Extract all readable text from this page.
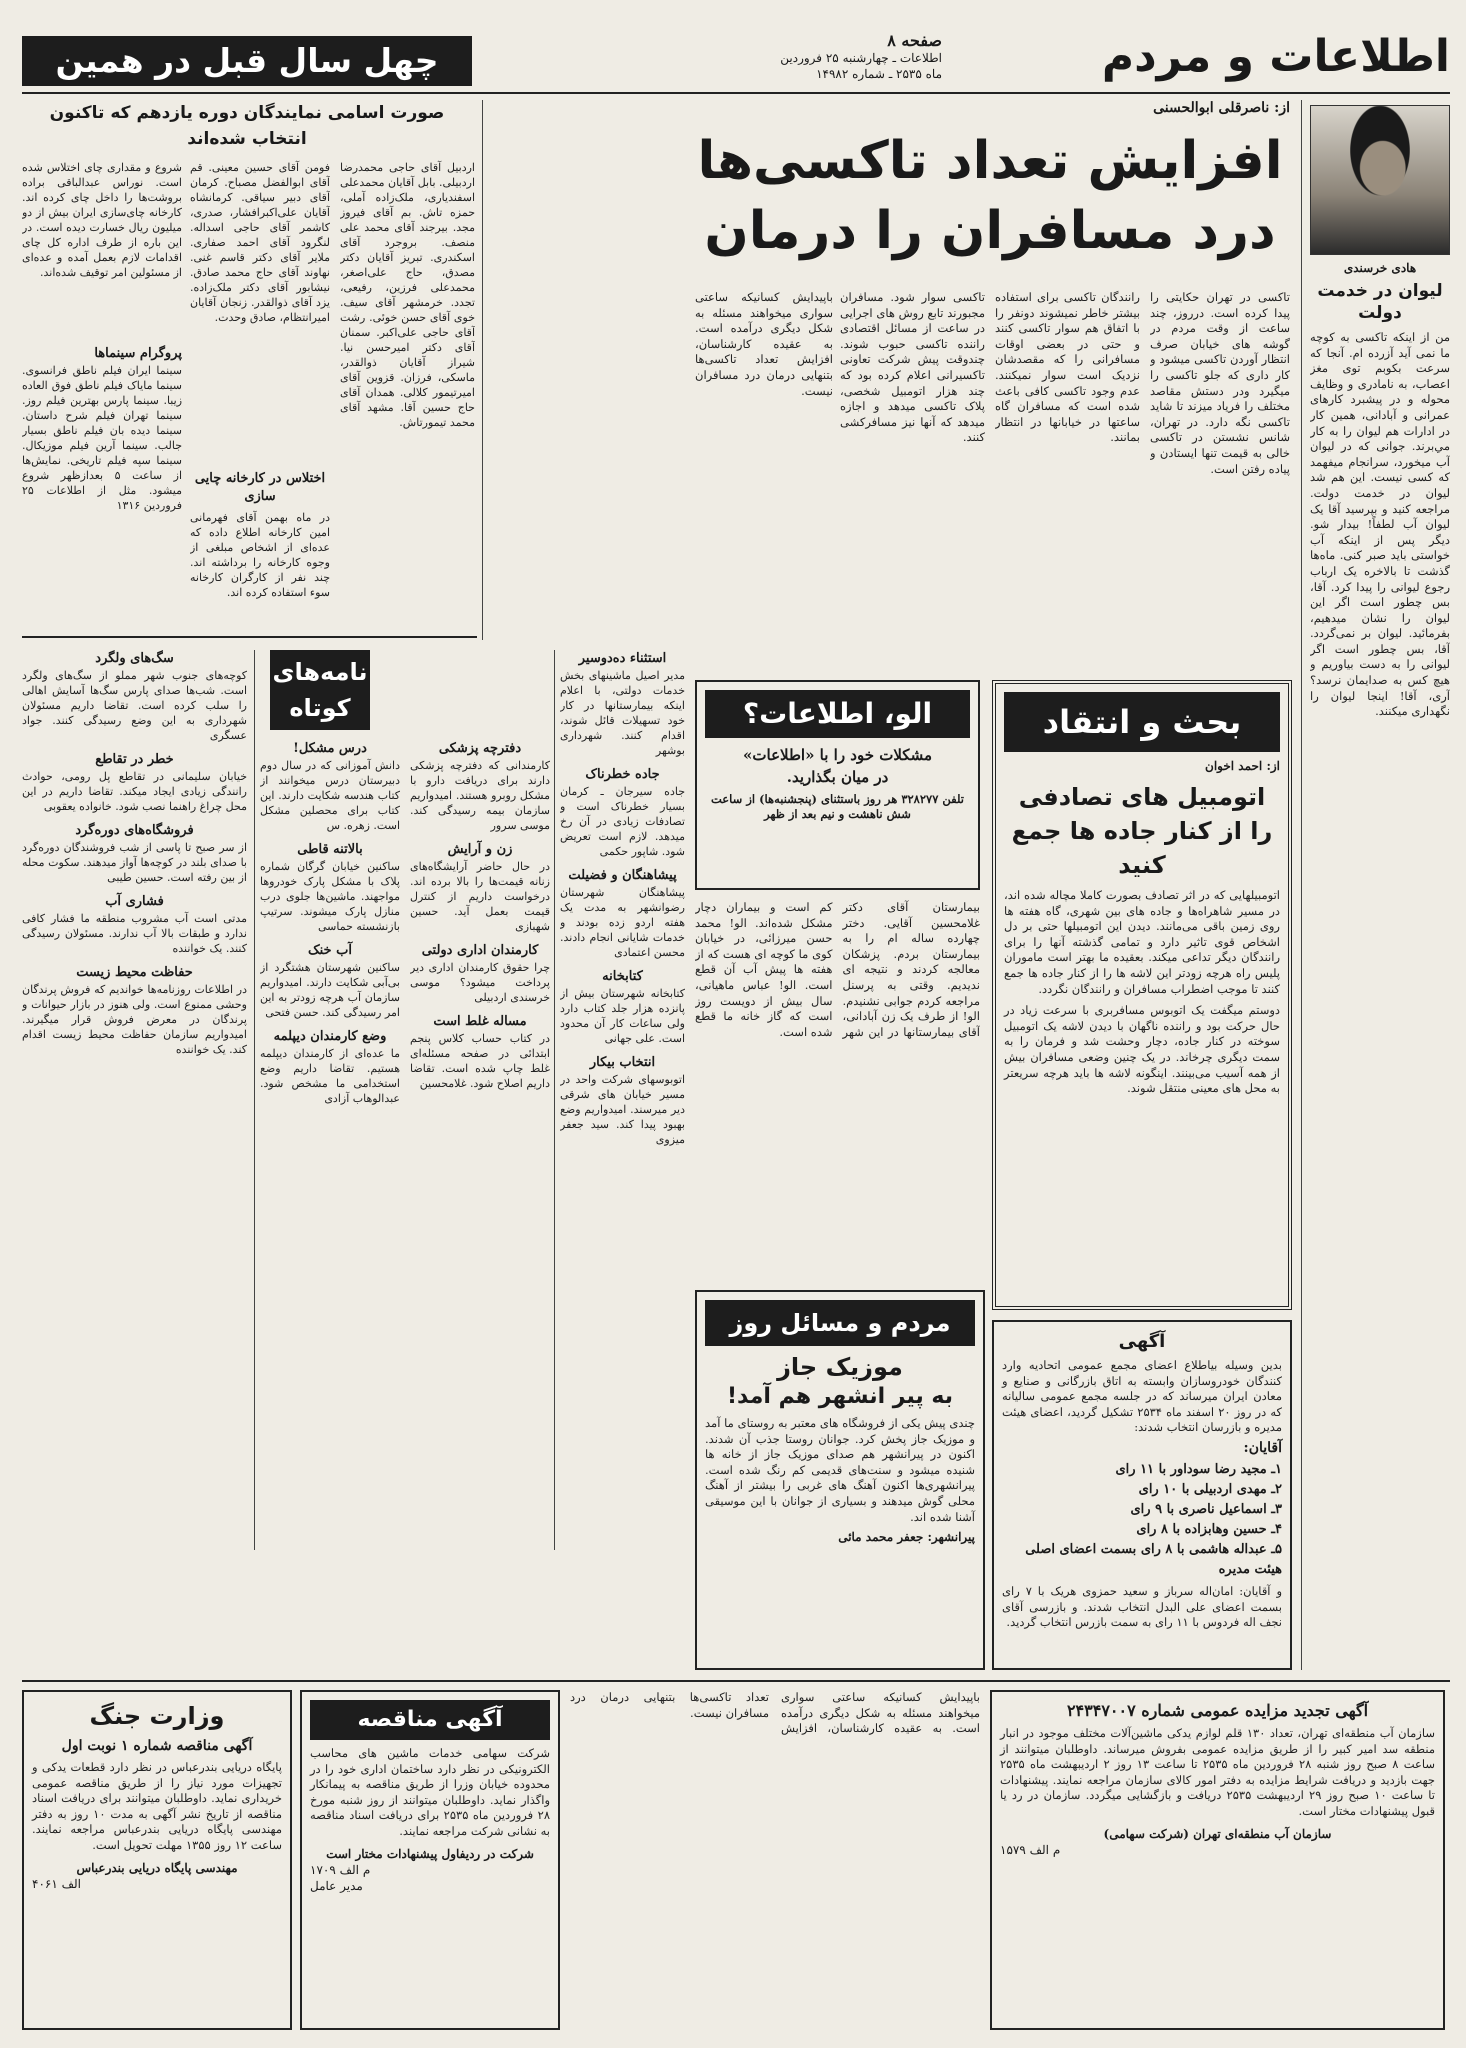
اطلاعات و مردم
صفحه ۸
اطلاعات ـ چهارشنبه ۲۵ فروردین
ماه ۲۵۳۵ ـ شماره ۱۴۹۸۲
چهل سال قبل در همین
هادی خرسندی
لیوان در خدمت دولت

من از اینکه تاکسی به کوچه ما نمی آید آزرده ام. آنجا که سرعت بکوبم توی مغز اعصاب، به نامادری و وظایف محوله و در پیشبرد کارهای عمرانی و آبادانی، همین کار در ادارات هم لیوان را به کار مي‌برند. جوانی که در لیوان آب میخورد، سرانجام میفهمد که کسی نیست. این هم شد لیوان در خدمت دولت. مراجعه کنید و بپرسید آقا یک لیوان آب لطفاً! بیدار شو. دیگر پس از اینکه آب خواستی باید صبر کنی. ماه‌ها گذشت تا بالاخره یک ارباب رجوع لیوانی را پیدا کرد. آقا، بس چطور است اگر این لیوان را نشان میدهیم، بفرمائید. لیوان بر نمی‌گردد. آقا، بس چطور است اگر لیوانی را به دست بیاوریم و هیچ کس به صدایمان نرسد؟ آری، آقا! اینجا لیوان را نگهداری میکنند.

از: ناصرقلی ابوالحسنی
افزایش تعداد تاکسی‌ها
درد مسافران را درمان

تاکسی در تهران حکایتی را پیدا کرده است. درروز، چند ساعت از وقت مردم در گوشه های خیابان صرف انتظار آوردن تاکسی میشود و کار داری که جلو تاکسی را میگیرد ودر دستش مقاصد مختلف را فریاد میزند تا شاید تاکسی نگه دارد. در تهران، شانس نشستن در تاکسی خالی به قیمت تنها ایستادن و پیاده رفتن است.

رانندگان تاکسی برای استفاده بیشتر خاطر نمیشوند دونفر را با اتفاق هم سوار تاکسی کنند و حتی در بعضی اوقات مسافرانی را که مقصدشان نزدیک است سوار نمیکنند. عدم وجود تاکسی کافی باعث شده است که مسافران گاه ساعتها در خیابانها در انتظار بمانند.

تاکسی سوار شود. مسافران مجبورند تابع روش های اجرایی در ساعت از مسائل اقتصادی راننده تاکسی حبوب شوند. چندوقت پیش شرکت تعاونی تاکسیرانی اعلام کرده بود که چند هزار اتومبیل شخصی، پلاک تاکسی میدهد و اجازه میدهد که آنها نیز مسافرکشی کنند.

باپیدایش کسانیکه ساعتی سواری میخواهند مسئله به شکل دیگری درآمده است. به عقیده کارشناسان، افزایش تعداد تاکسی‌ها بتنهایی درمان درد مسافران نیست.

صورت اسامی نمایندگان دوره یازدهم که تاکنون انتخاب شده‌اند

اردبیل آقای حاجی محمدرضا اردبیلی. بابل آقایان محمدعلی اسفندیاری، ملک‌زاده آملی، حمزه تاش. بم آقای فیروز مجد. بیرجند آقای محمد علی منصف. بروجرد آقای اسکندری. تبریز آقایان دکتر مصدق، حاج علی‌اصغر، محمدعلی فرزین، رفیعی، تجدد. خرمشهر آقای سیف. خوی آقای حسن خوئی. رشت آقای حاجی علی‌اکبر. سمنان آقای دکتر امیرحسن نیا. شیراز آقایان ذوالقدر، ماسکی، فرزان. قزوین آقای امیرتیمور کلالی. همدان آقای حاج حسین آقا. مشهد آقای محمد تیمورتاش.

فومن آقای حسین معینی. قم آقای ابوالفضل مصباح. کرمان آقای دبیر سیاقی. کرمانشاه آقایان علی‌اکبرافشار، صدری، کاشمر آقای حاجی اسداله. لنگرود آقای احمد صفاری. ملایر آقای دکتر قاسم غنی. نهاوند آقای حاج محمد صادق. نیشابور آقای دکتر ملک‌زاده. یزد آقای ذوالقدر. زنجان آقایان امیرانتظام، صادق وحدت.

اختلاس در کارخانه چایی سازی

در ماه بهمن آقای فهرمانی امین کارخانه اطلاع داده که عده‌ای از اشخاص مبلغی از وجوه کارخانه را برداشته اند. چند نفر از کارگران کارخانه سوء استفاده کرده اند.

شروع و مقداری چای اختلاس شده است. نوراس عبدالباقی براده بروشت‌ها را داخل چای کرده اند. کارخانه چای‌سازی ایران بیش از دو میلیون ریال خسارت دیده است. در این باره از طرف اداره کل چای اقدامات لازم بعمل آمده و عده‌ای از مسئولین امر توقیف شده‌اند.

پروگرام سینماها

سینما ایران فیلم ناطق فرانسوی. سینما مایاک فیلم ناطق فوق العاده زیبا. سینما پارس بهترین فیلم روز. سینما تهران فیلم شرح داستان. سینما دیده بان فیلم ناطق بسیار جالب. سینما آرین فیلم موزیکال. سینما سپه فیلم تاریخی. نمایش‌ها از ساعت ۵ بعدازظهر شروع میشود. مثل از اطلاعات ۲۵ فروردین ۱۳۱۶

بحث و انتقاد
از: احمد اخوان
اتومبیل های تصادفی را از کنار جاده ها جمع کنید

اتومبیلهایی که در اثر تصادف بصورت کاملا مچاله شده اند، در مسیر شاهراه‌ها و جاده های بین شهری، گاه هفته ها روی زمین باقی می‌مانند. دیدن این اتومبیلها حتی بر دل اشخاص قوی تاثیر دارد و تمامی گذشته آنها را برای رانندگان دیگر تداعی میکند. بعقیده ما بهتر است ماموران پلیس راه هرچه زودتر این لاشه ها را از کنار جاده ها جمع کنند تا موجب اضطراب مسافران و رانندگان نگردد.

دوستم میگفت یک اتوبوس مسافربری با سرعت زیاد در حال حرکت بود و راننده ناگهان با دیدن لاشه یک اتومبیل سوخته در کنار جاده، دچار وحشت شد و فرمان را به سمت دیگری چرخاند. در یک چنین وضعی مسافران بیش از همه آسیب می‌بینند. اینگونه لاشه ها باید هرچه سریعتر به محل های معینی منتقل شوند.

نامه‌های کوتاه
سگ‌های ولگرد

کوچه‌های جنوب شهر مملو از سگ‌های ولگرد است. شب‌ها صدای پارس سگ‌ها آسایش اهالی را سلب کرده است. تقاضا داریم مسئولان شهرداری به این وضع رسیدگی کنند. جواد عسگری

خطر در تقاطع

خیابان سلیمانی در تقاطع پل رومی، حوادث رانندگی زیادی ایجاد میکند. تقاضا داریم در این محل چراغ راهنما نصب شود. خانواده یعقوبی

فروشگاه‌های دوره‌گرد

از سر صبح تا پاسی از شب فروشندگان دوره‌گرد با صدای بلند در کوچه‌ها آواز میدهند. سکوت محله از بین رفته است. حسین طیبی

فشاری آب

مدتی است آب مشروب منطقه ما فشار کافی ندارد و طبقات بالا آب ندارند. مسئولان رسیدگی کنند. یک خواننده

حفاظت محیط زیست

در اطلاعات روزنامه‌ها خواندیم که فروش پرندگان وحشی ممنوع است. ولی هنوز در بازار حیوانات و پرندگان در معرض فروش قرار میگیرند. امیدواریم سازمان حفاظت محیط زیست اقدام کند. یک خواننده

درس مشکل!

دانش آموزانی که در سال دوم دبیرستان درس میخوانند از کتاب هندسه شکایت دارند. این کتاب برای محصلین مشکل است. زهره. س

بالاتنه قاطی

ساکنین خیابان گرگان شماره پلاک با مشکل پارک خودروها مواجهند. ماشین‌ها جلوی درب منازل پارک میشوند. سرتیپ بازنشسته حماسی

آب خنک

ساکنین شهرستان هشتگرد از بی‌آبی شکایت دارند. امیدواریم سازمان آب هرچه زودتر به این امر رسیدگی کند. حسن فتحی

وضع کارمندان دیپلمه

ما عده‌ای از کارمندان دیپلمه هستیم. تقاضا داریم وضع استخدامی ما مشخص شود. عبدالوهاب آزادی

دفترچه پزشکی

کارمندانی که دفترچه پزشکی دارند برای دریافت دارو با مشکل روبرو هستند. امیدواریم سازمان بیمه رسیدگی کند. موسی سرور

زن و آرایش

در حال حاضر آرایشگاه‌های زنانه قیمت‌ها را بالا برده اند. درخواست داریم از کنترل قیمت بعمل آید. حسین شهبازی

کارمندان اداری دولتی

چرا حقوق کارمندان اداری دیر پرداخت میشود؟ موسی خرسندی اردبیلی

مساله غلط است

در کتاب حساب کلاس پنجم ابتدائی در صفحه مسئله‌ای غلط چاپ شده است. تقاضا داریم اصلاح شود. غلامحسین

استثناء ده‌دوسیر

مدیر اصیل ماشینهای بخش خدمات دولتی، با اعلام اینکه بیمارستانها در کار خود تسهیلات قائل شوند، اقدام کنند. شهرداری بوشهر

جاده خطرناک

جاده سیرجان ـ کرمان بسیار خطرناک است و تصادفات زیادی در آن رخ میدهد. لازم است تعریض شود. شاپور حکمی

پیشاهنگان و فضیلت

پیشاهنگان شهرستان رضوانشهر به مدت یک هفته اردو زده بودند و خدمات شایانی انجام دادند. محسن اعتمادی

کتابخانه

کتابخانه شهرستان بیش از پانزده هزار جلد کتاب دارد ولی ساعات کار آن محدود است. علی جهانی

انتخاب بیکار

اتوبوسهای شرکت واحد در مسیر خیابان های شرقی دیر میرسند. امیدواریم وضع بهبود پیدا کند. سید جعفر میزوی

الو، اطلاعات؟
مشکلات خود را با «اطلاعات»
در میان بگذارید.
تلفن ۳۲۸۲۷۷ هر روز باستثنای (پنجشنبه‌ها) از ساعت شش ناهشت و نیم بعد از ظهر

بیمارستان آقای دکتر غلامحسین آقایی. دختر چهارده ساله ام را به بیمارستان بردم. پزشکان معالجه کردند و نتیجه ای ندیدیم. وقتی به پرسنل مراجعه کردم جوابی نشنیدم. الو! از طرف یک زن آبادانی، آقای بیمارستانها در این شهر کم است و بیماران دچار مشکل شده‌اند. الو! محمد حسن میرزائی، در خیابان کوی ما کوچه ای هست که از هفته ها پیش آب آن قطع است. الو! عباس ماهیانی، سال بیش از دویست روز است که گاز خانه ما قطع شده است.

مردم و مسائل روز
موزیک جاز
به پیر انشهر هم آمد!

چندی پیش یکی از فروشگاه های معتبر به روستای ما آمد و موزیک جاز پخش کرد. جوانان روستا جذب آن شدند. اکنون در پیرانشهر هم صدای موزیک جاز از خانه ها شنیده میشود و سنت‌های قدیمی کم رنگ شده است. پیرانشهری‌ها اکنون آهنگ های غربی را بیشتر از آهنگ محلی گوش میدهند و بسیاری از جوانان با این موسیقی آشنا شده اند.

پیرانشهر: جعفر محمد مائی
آگهی

بدین وسیله بیاطلاع اعضای مجمع عمومی اتحادیه وارد کنندگان خودروسازان وابسته به اتاق بازرگانی و صنایع و معادن ایران میرساند که در جلسه مجمع عمومی سالیانه که در روز ۲۰ اسفند ماه ۲۵۳۴ تشکیل گردید، اعضای هیئت مدیره و بازرسان انتخاب شدند:

آقایان:
۱ـ مجید رضا سوداور با ۱۱ رای
۲ـ مهدی اردبیلی با ۱۰ رای
۳ـ اسماعیل ناصری با ۹ رای
۴ـ حسین وهابزاده با ۸ رای
۵ـ عبداله هاشمی با ۸ رای بسمت اعضای اصلی هیئت مدیره

و آقایان: امان‌اله سرباز و سعید حمزوی هریک با ۷ رای بسمت اعضای علی البدل انتخاب شدند. و بازرسی آقای نجف اله فردوس با ۱۱ رای به سمت بازرس انتخاب گردید.

وزارت جنگ
آگهی مناقصه شماره ۱ نوبت اول

پایگاه دریایی بندرعباس در نظر دارد قطعات یدکی و تجهیزات مورد نیاز را از طریق مناقصه عمومی خریداری نماید. داوطلبان میتوانند برای دریافت اسناد مناقصه از تاریخ نشر آگهی به مدت ۱۰ روز به دفتر مهندسی پایگاه دریایی بندرعباس مراجعه نمایند. ساعت ۱۲ روز ۱۳۵۵ مهلت تحویل است.

مهندسی پایگاه دریایی بندرعباس
الف ۴۰۶۱
آگهی مناقصه

شرکت سهامی خدمات ماشین های محاسب الکترونیکی در نظر دارد ساختمان اداری خود را در محدوده خیابان وزرا از طریق مناقصه به پیمانکار واگذار نماید. داوطلبان میتوانند از روز شنبه مورخ ۲۸ فروردین ماه ۲۵۳۵ برای دریافت اسناد مناقصه به نشانی شرکت مراجعه نمایند.

شرکت در ردیفاول پیشنهادات مختار است
م الف ۱۷۰۹
مدیر عامل
آگهی تجدید مزایده عمومی شماره ۲۴۳۴۷۰۰۷

سازمان آب منطقه‌ای تهران، تعداد ۱۳۰ قلم لوازم یدکی ماشین‌آلات مختلف موجود در انبار منطقه سد امیر کبیر را از طریق مزایده عمومی بفروش میرساند. داوطلبان میتوانند از ساعت ۸ صبح روز شنبه ۲۸ فروردین ماه ۲۵۳۵ تا ساعت ۱۳ روز ۲ اردیبهشت ماه ۲۵۳۵ جهت بازدید و دریافت شرایط مزایده به دفتر امور کالای سازمان مراجعه نمایند. پیشنهادات تا ساعت ۱۰ صبح روز ۲۹ اردیبهشت ۲۵۳۵ دریافت و بازگشایی میگردد. سازمان در رد یا قبول پیشنهادات مختار است.

سازمان آب منطقه‌ای تهران (شرکت سهامی)
م الف ۱۵۷۹

باپیدایش کسانیکه ساعتی سواری میخواهند مسئله به شکل دیگری درآمده است. به عقیده کارشناسان، افزایش تعداد تاکسی‌ها بتنهایی درمان درد مسافران نیست.
